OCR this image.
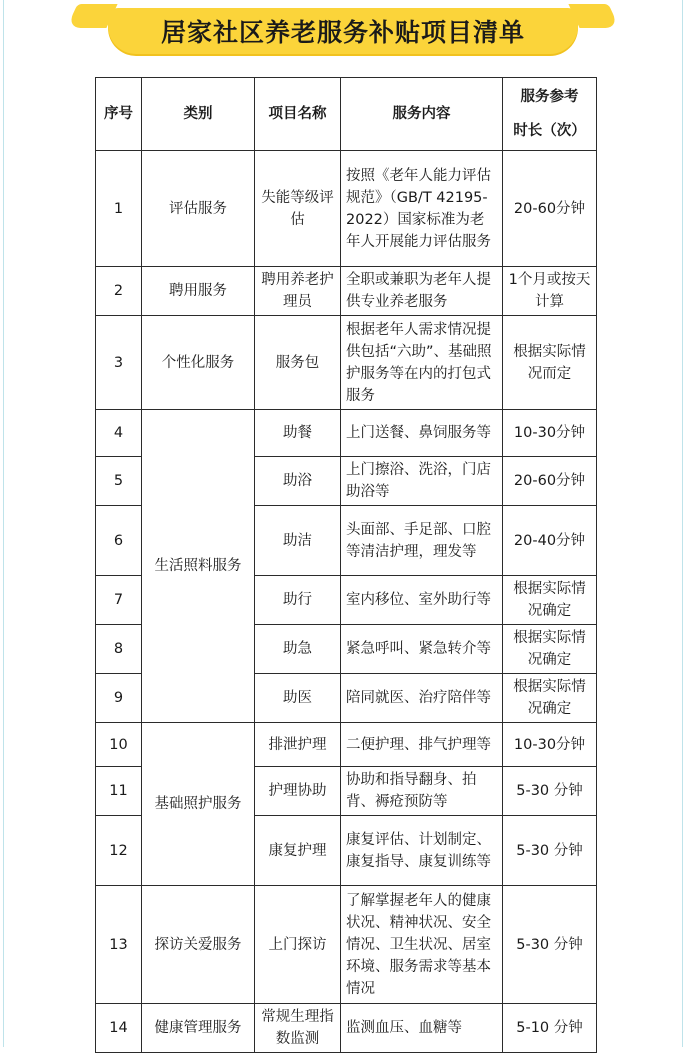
居家社区养老服务补贴项目清单
序号	类别	项目名称	服务内容	服务参考
时长（次）
1	评估服务	失能等级评估	按照《老年人能力评估规范》（GB/T 42195-2022）国家标准为老年人开展能力评估服务	20-60分钟
2	聘用服务	聘用养老护理员	全职或兼职为老年人提供专业养老服务	1个月或按天计算
3	个性化服务	服务包	根据老年人需求情况提供包括“六助”、基础照护服务等在内的打包式服务	根据实际情况而定
4	生活照料服务	助餐	上门送餐、鼻饲服务等	10-30分钟
5		助浴	上门擦浴、洗浴，门店助浴等	20-60分钟
6		助洁	头面部、手足部、口腔等清洁护理，理发等	20-40分钟
7		助行	室内移位、室外助行等	根据实际情况确定
8		助急	紧急呼叫、紧急转介等	根据实际情况确定
9		助医	陪同就医、治疗陪伴等	根据实际情况确定
10	基础照护服务	排泄护理	二便护理、排气护理等	10-30分钟
11		护理协助	协助和指导翻身、拍背、褥疮预防等	5-30 分钟
12		康复护理	康复评估、计划制定、康复指导、康复训练等	5-30 分钟
13	探访关爱服务	上门探访	了解掌握老年人的健康状况、精神状况、安全情况、卫生状况、居室环境、服务需求等基本情况	5-30 分钟
14	健康管理服务	常规生理指数监测	监测血压、血糖等	5-10 分钟
